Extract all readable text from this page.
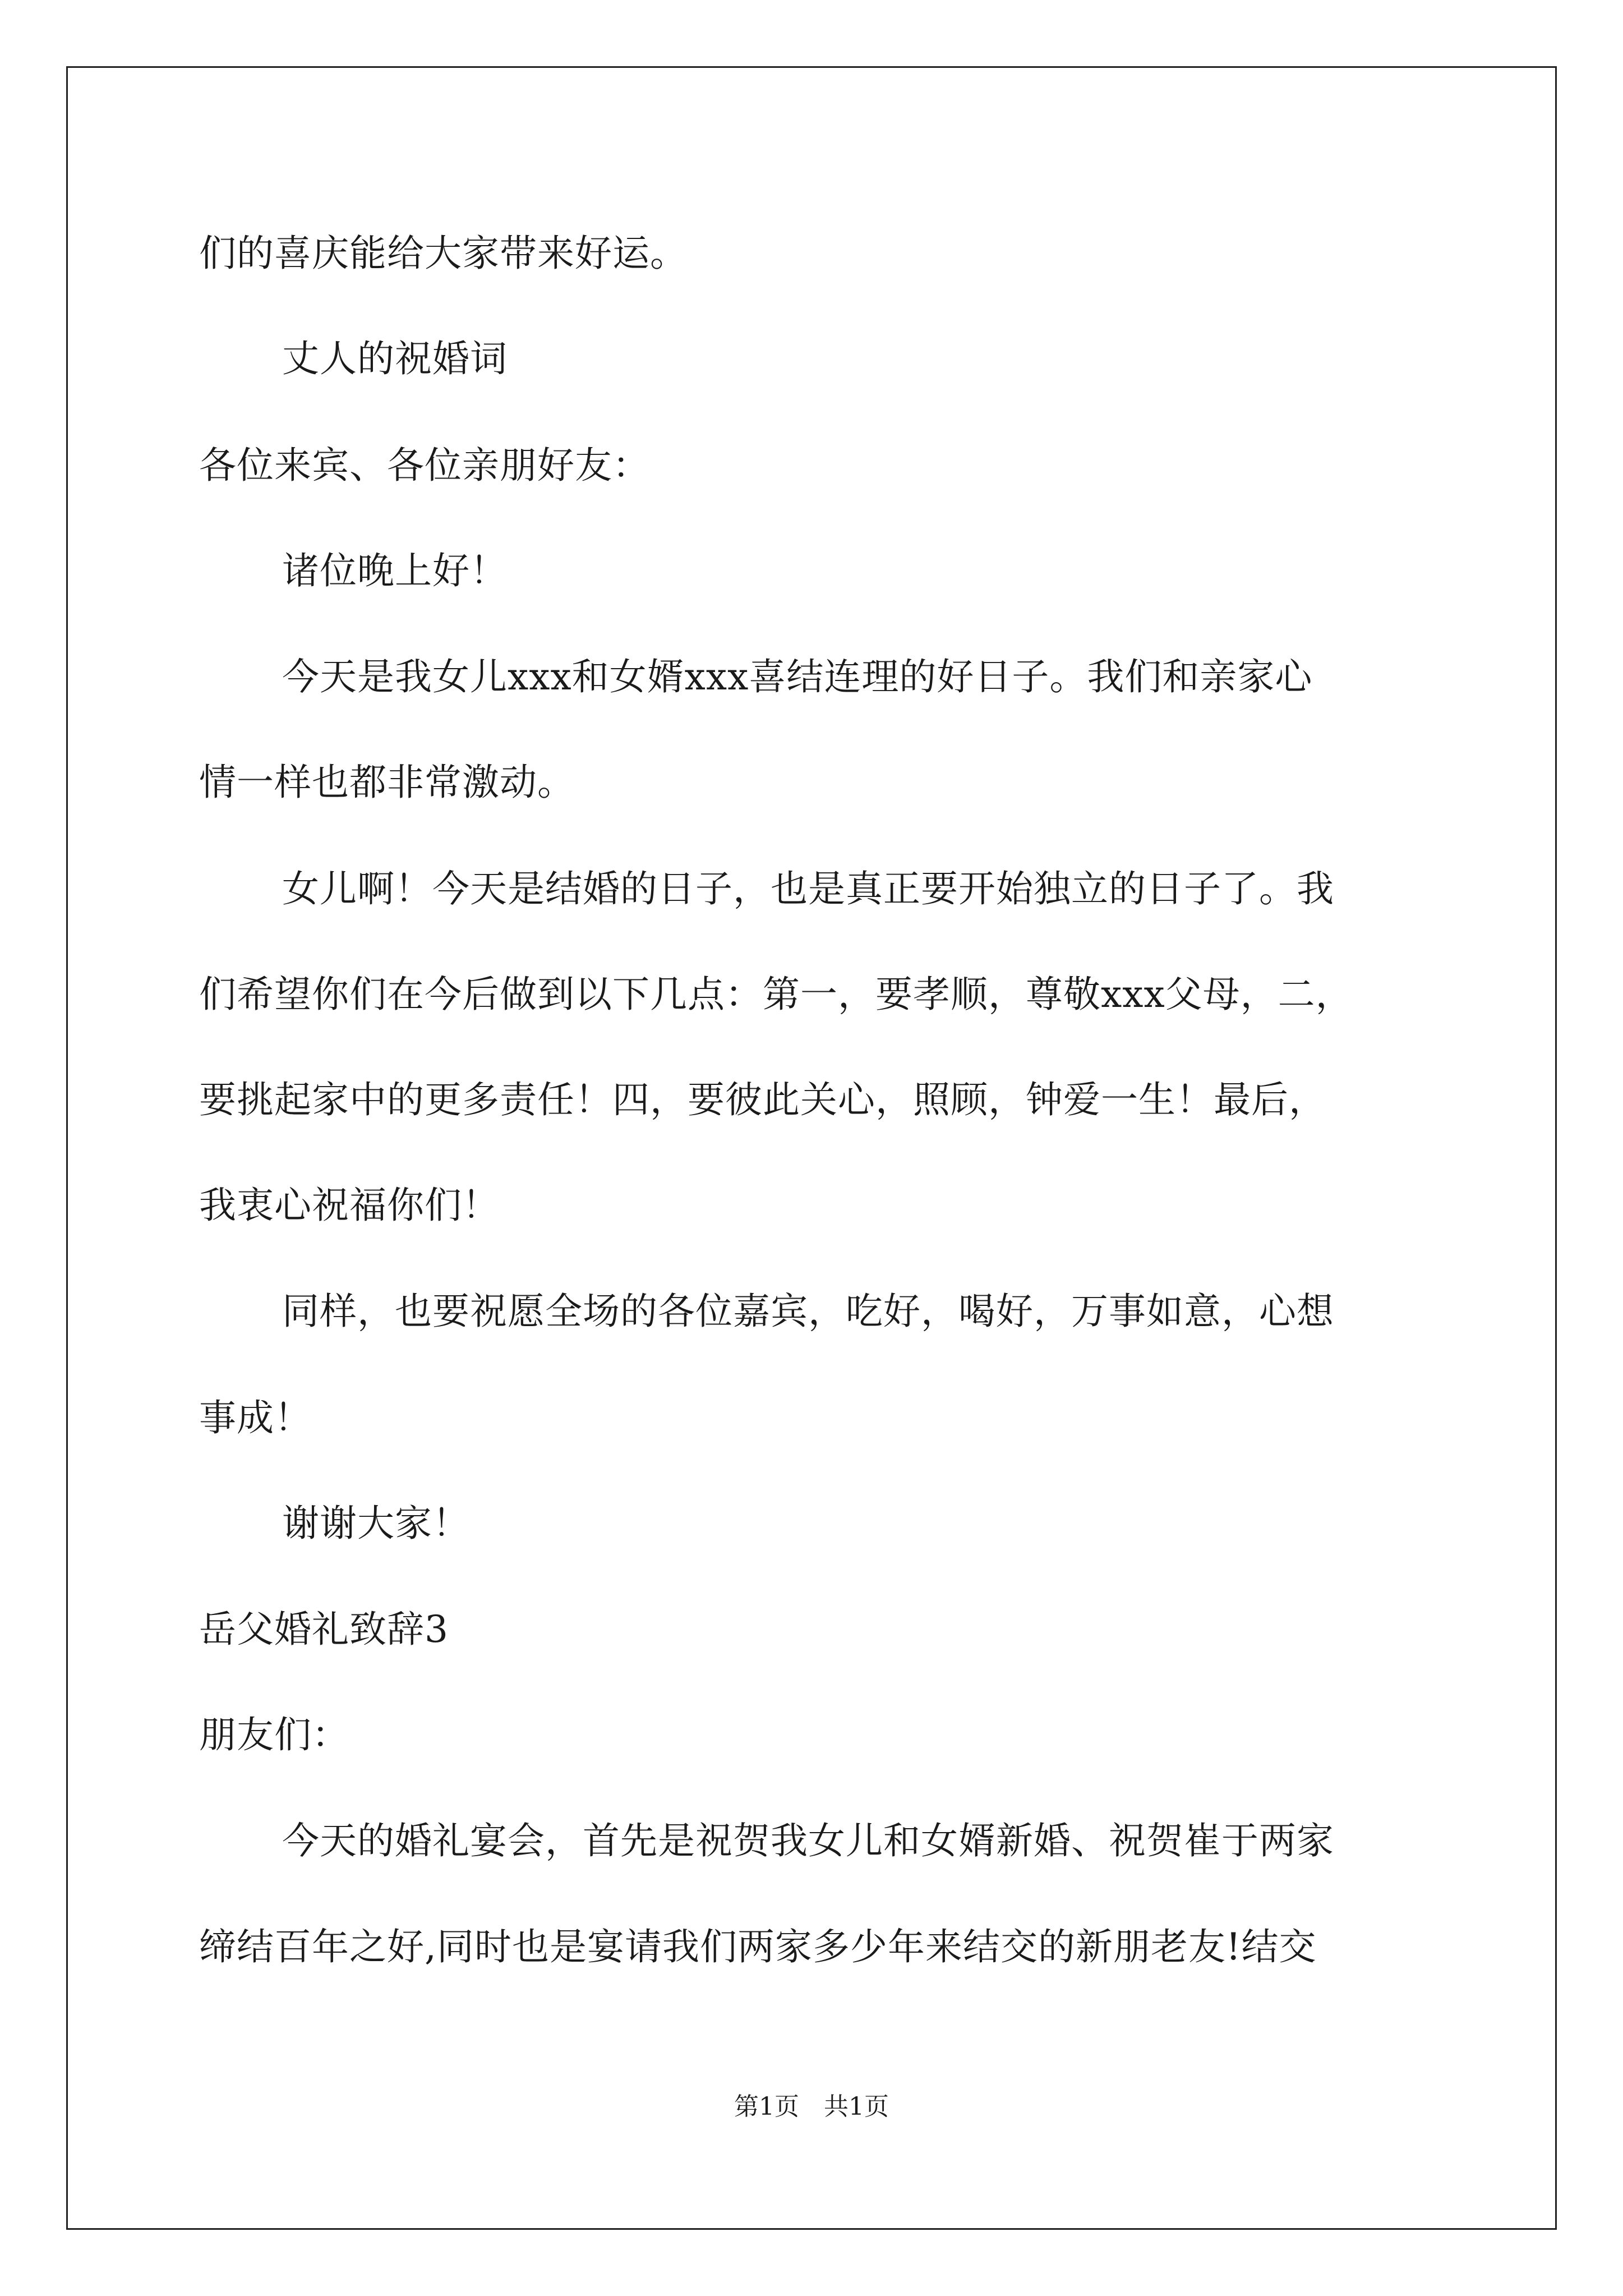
们的喜庆能给大家带来好运。

丈人的祝婚词

各位来宾、各位亲朋好友：

诸位晚上好！

今天是我女儿xxx和女婿xxx喜结连理的好日子。我们和亲家心

情一样也都非常激动。

女儿啊！今天是结婚的日子，也是真正要开始独立的日子了。我

们希望你们在今后做到以下几点：第一，要孝顺，尊敬xxx父母，二，

要挑起家中的更多责任！四，要彼此关心，照顾，钟爱一生！最后，

我衷心祝福你们！

同样，也要祝愿全场的各位嘉宾，吃好，喝好，万事如意，心想

事成！

谢谢大家！

岳父婚礼致辞3

朋友们：

今天的婚礼宴会，首先是祝贺我女儿和女婿新婚、祝贺崔于两家

缔结百年之好,同时也是宴请我们两家多少年来结交的新朋老友!结交

第1页 共1页
